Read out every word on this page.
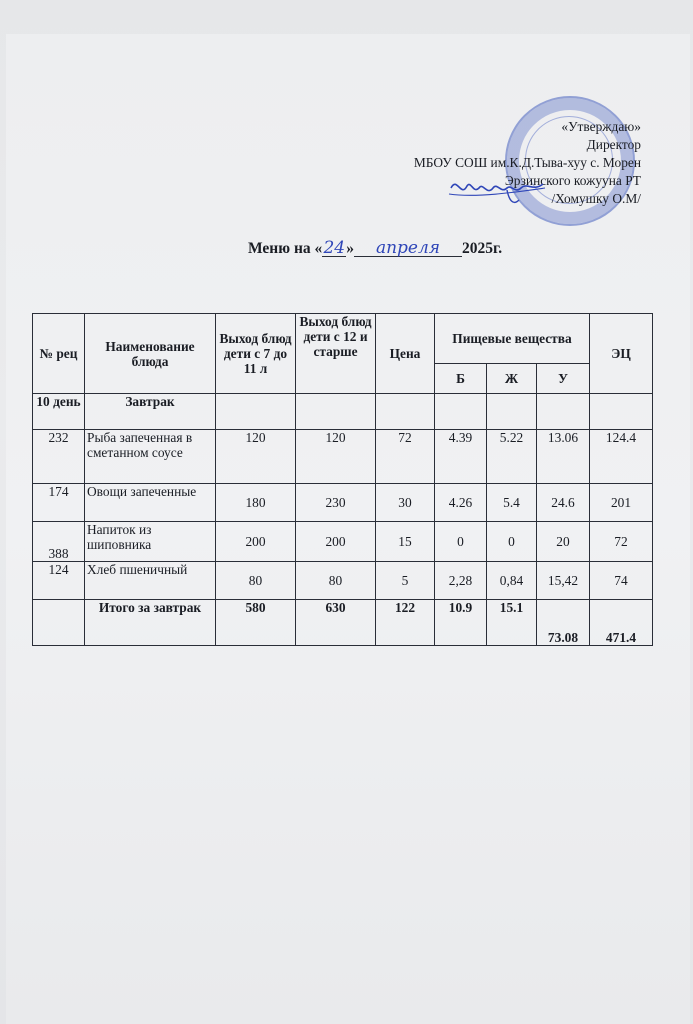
«Утверждаю»
Директор
МБОУ СОШ им.К.Д.Тыва-хуу с. Морен
Эрзинского кожууна РТ
/Хомушку О.М/
Меню на «24» апреля 2025г.
№ рец	Наименование блюда	Выход блюд дети с 7 до 11 л	Выход блюд дети с 12 и старше	Цена	Пищевые вещества			ЭЦ
					Б	Ж	У	
10 день	Завтрак							
232	Рыба запеченная в сметанном соусе	120	120	72	4.39	5.22	13.06	124.4
174	Овощи запеченные	180	230	30	4.26	5.4	24.6	201
388	Напиток из шиповника	200	200	15	0	0	20	72
124	Хлеб пшеничный	80	80	5	2,28	0,84	15,42	74
	Итого за завтрак	580	630	122	10.9	15.1	73.08	471.4
